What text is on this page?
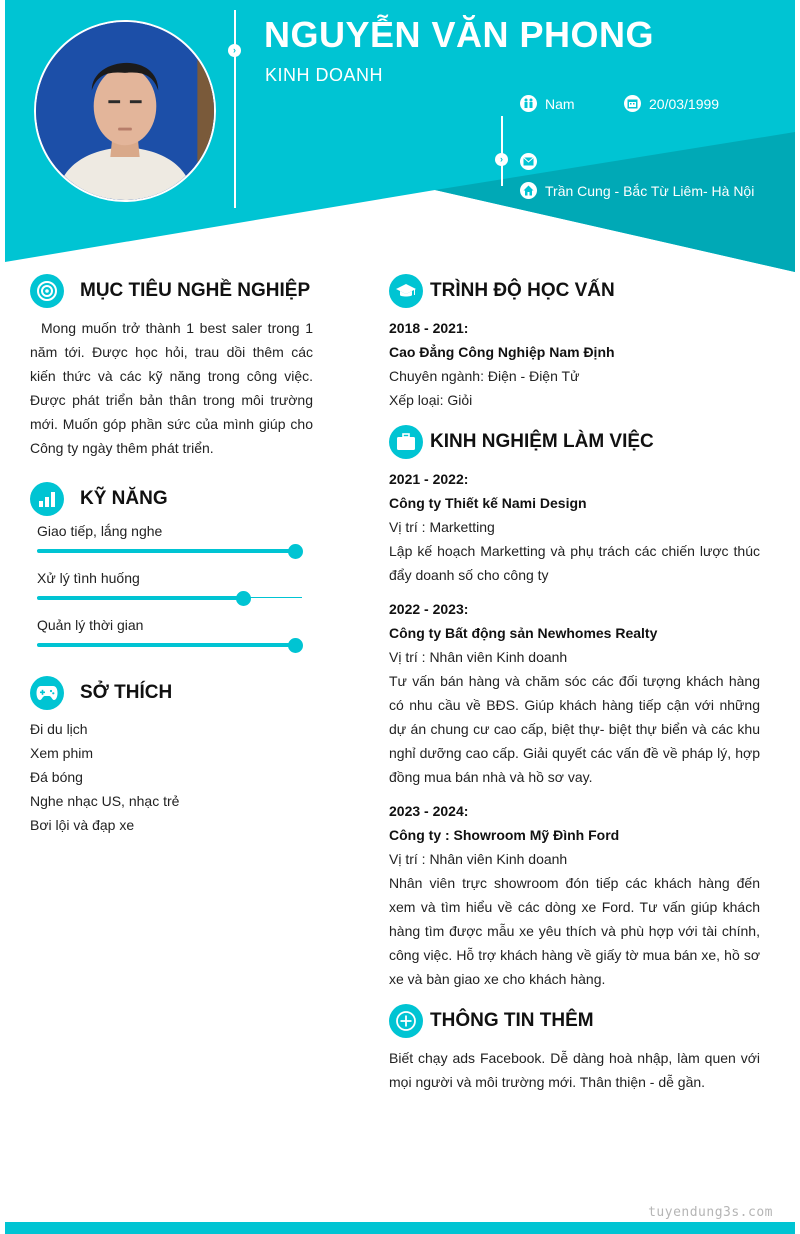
› NGUYỄN VĂN PHONG
KINH DOANH
›
Nam	20/03/1999
Trần Cung - Bắc Từ Liêm- Hà Nội
MỤC TIÊU NGHỀ NGHIỆP

Mong muốn trở thành 1 best saler trong 1 năm tới. Được học hỏi, trau dồi thêm các kiến thức và các kỹ năng trong công việc. Được phát triển bản thân trong môi trường mới. Muốn góp phần sức của mình giúp cho Công ty ngày thêm phát triển.

KỸ NĂNG
Giao tiếp, lắng nghe
Xử lý tình huống
Quản lý thời gian
SỞ THÍCH
Đi du lịch
Xem phim
Đá bóng
Nghe nhạc US, nhạc trẻ
Bơi lội và đạp xe
TRÌNH ĐỘ HỌC VẤN
2018 - 2021:
Cao Đẳng Công Nghiệp Nam Định
Chuyên ngành: Điện - Điện Tử
Xếp loại: Giỏi
KINH NGHIỆM LÀM VIỆC
2021 - 2022:
Công ty Thiết kế Nami Design
Vị trí : Marketting

Lập kế hoạch Marketting và phụ trách các chiến lược thúc đẩy doanh số cho công ty

2022 - 2023:
Công ty Bất động sản Newhomes Realty
Vị trí : Nhân viên Kinh doanh

Tư vấn bán hàng và chăm sóc các đối tượng khách hàng có nhu cầu về BĐS. Giúp khách hàng tiếp cận với những dự án chung cư cao cấp, biệt thự- biệt thự biển và các khu nghỉ dưỡng cao cấp. Giải quyết các vấn đề về pháp lý, hợp đồng mua bán nhà và hồ sơ vay.

2023 - 2024:
Công ty : Showroom Mỹ Đình Ford
Vị trí : Nhân viên Kinh doanh

Nhân viên trực showroom đón tiếp các khách hàng đến xem và tìm hiểu về các dòng xe Ford. Tư vấn giúp khách hàng tìm được mẫu xe yêu thích và phù hợp với tài chính, công việc. Hỗ trợ khách hàng về giấy tờ mua bán xe, hồ sơ xe và bàn giao xe cho khách hàng.

THÔNG TIN THÊM

Biết chạy ads Facebook. Dễ dàng hoà nhập, làm quen với mọi người và môi trường mới. Thân thiện - dễ gần.

tuyendung3s.com
